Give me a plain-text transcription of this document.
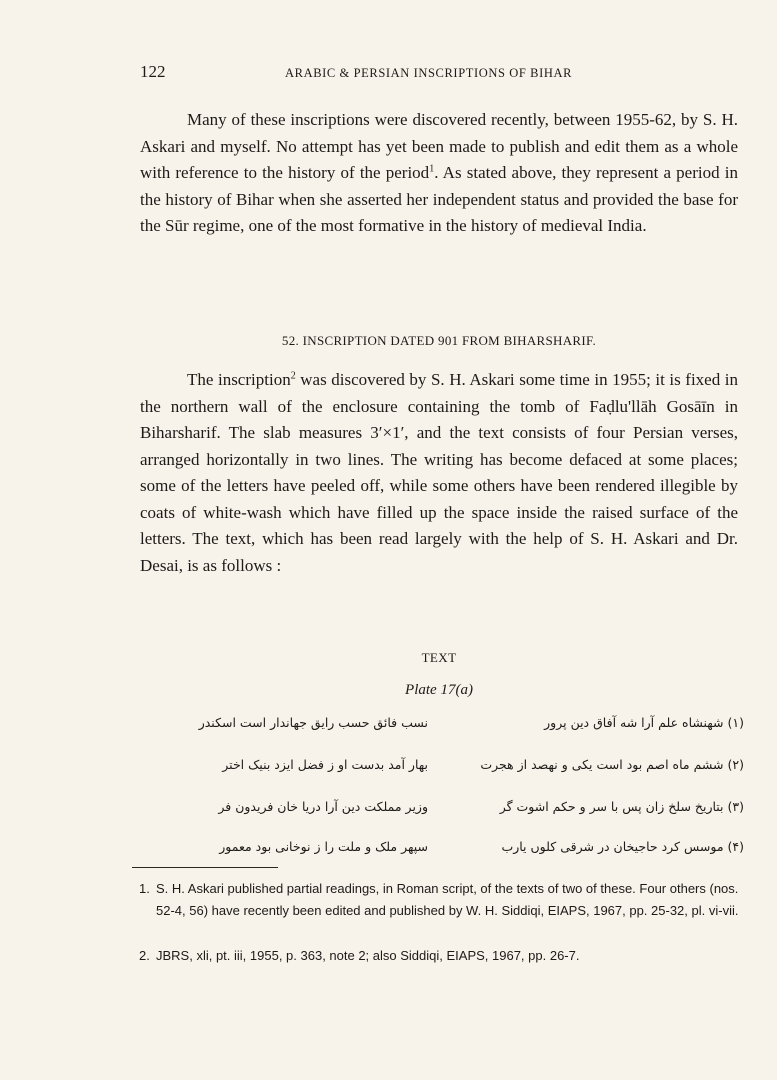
122	ARABIC & PERSIAN INSCRIPTIONS OF BIHAR

Many of these inscriptions were discovered recently, between 1955-62, by S. H. Askari and myself. No attempt has yet been made to publish and edit them as a whole with reference to the history of the period$^1$. As stated above, they represent a period in the history of Bihar when she asserted her independent status and provided the base for the Sūr regime, one of the most formative in the history of medieval India.

52. INSCRIPTION DATED 901 FROM BIHARSHARIF.

The inscription$^2$ was discovered by S. H. Askari some time in 1955; it is fixed in the northern wall of the enclosure containing the tomb of Faḍlu'llāh Gosāīn in Biharsharif. The slab measures 3′×1′, and the text consists of four Persian verses, arranged horizontally in two lines. The writing has become defaced at some places; some of the letters have peeled off, while some others have been rendered illegible by coats of white-wash which have filled up the space inside the raised surface of the letters. The text, which has been read largely with the help of S. H. Askari and Dr. Desai, is as follows :

TEXT
Plate 17(a)
(۱) شهنشاه علم آرا شه آفاق دین پرور
نسب فائق حسب رایق جهاندار است اسکندر
(۲) ششم ماه اصم بود است یکی و نهصد از هجرت
بهار آمد بدست او ز فضل ایزد بنیک اختر
(۳) بتاریخ سلخ زان پس با سر و حکم اشوت گر
وزیر مملکت دین آرا دریا خان فریدون فر
(۴) موسس کرد حاجیخان در شرقی کلوں یارب
سپهر ملک و ملت را ز نوخانی بود معمور
1. S. H. Askari published partial readings, in Roman script, of the texts of two of these. Four others (nos. 52-4, 56) have recently been edited and published by W. H. Siddiqi, EIAPS, 1967, pp. 25-32, pl. vi-vii.
2. JBRS, xli, pt. iii, 1955, p. 363, note 2; also Siddiqi, EIAPS, 1967, pp. 26-7.
